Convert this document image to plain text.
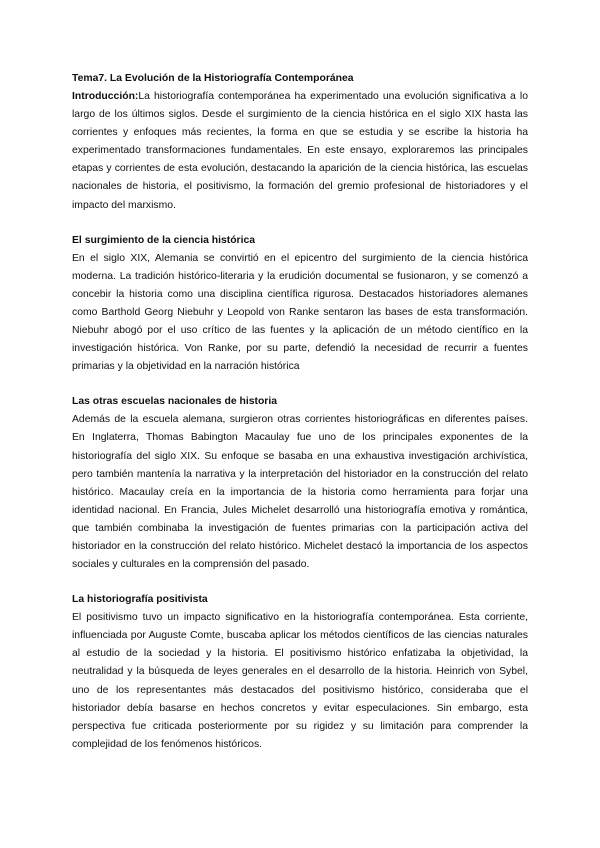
Tema7. La Evolución de la Historiografía Contemporánea

Introducción:La historiografía contemporánea ha experimentado una evolución significativa a lo largo de los últimos siglos. Desde el surgimiento de la ciencia histórica en el siglo XIX hasta las corrientes y enfoques más recientes, la forma en que se estudia y se escribe la historia ha experimentado transformaciones fundamentales. En este ensayo, exploraremos las principales etapas y corrientes de esta evolución, destacando la aparición de la ciencia histórica, las escuelas nacionales de historia, el positivismo, la formación del gremio profesional de historiadores y el impacto del marxismo.

El surgimiento de la ciencia histórica

En el siglo XIX, Alemania se convirtió en el epicentro del surgimiento de la ciencia histórica moderna. La tradición histórico-literaria y la erudición documental se fusionaron, y se comenzó a concebir la historia como una disciplina científica rigurosa. Destacados historiadores alemanes como Barthold Georg Niebuhr y Leopold von Ranke sentaron las bases de esta transformación. Niebuhr abogó por el uso crítico de las fuentes y la aplicación de un método científico en la investigación histórica. Von Ranke, por su parte, defendió la necesidad de recurrir a fuentes primarias y la objetividad en la narración histórica

Las otras escuelas nacionales de historia

Además de la escuela alemana, surgieron otras corrientes historiográficas en diferentes países. En Inglaterra, Thomas Babington Macaulay fue uno de los principales exponentes de la historiografía del siglo XIX. Su enfoque se basaba en una exhaustiva investigación archivística, pero también mantenía la narrativa y la interpretación del historiador en la construcción del relato histórico. Macaulay creía en la importancia de la historia como herramienta para forjar una identidad nacional. En Francia, Jules Michelet desarrolló una historiografía emotiva y romántica, que también combinaba la investigación de fuentes primarias con la participación activa del historiador en la construcción del relato histórico. Michelet destacó la importancia de los aspectos sociales y culturales en la comprensión del pasado.

La historiografía positivista

El positivismo tuvo un impacto significativo en la historiografía contemporánea. Esta corriente, influenciada por Auguste Comte, buscaba aplicar los métodos científicos de las ciencias naturales al estudio de la sociedad y la historia. El positivismo histórico enfatizaba la objetividad, la neutralidad y la búsqueda de leyes generales en el desarrollo de la historia. Heinrich von Sybel, uno de los representantes más destacados del positivismo histórico, consideraba que el historiador debía basarse en hechos concretos y evitar especulaciones. Sin embargo, esta perspectiva fue criticada posteriormente por su rigidez y su limitación para comprender la complejidad de los fenómenos históricos.
